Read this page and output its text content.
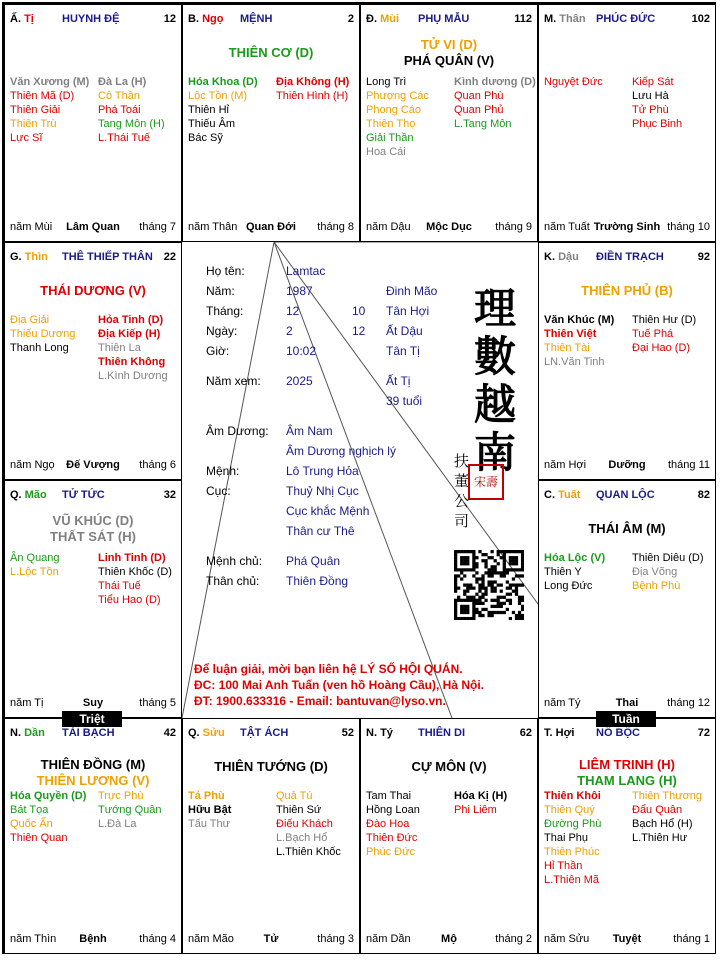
Ấ. Tị	HUYNH ĐỆ	12
Văn Xương (M)
Thiên Mã (D)
Thiên Giải
Thiên Trù
Lực Sĩ
Đà La (H)
Cô Thần
Phá Toái
Tang Môn (H)
L.Thái Tuế
năm Mùi	Lâm Quan	tháng 7
B. Ngọ MỆNH	2
THIÊN CƠ (D)
Hóa Khoa (D)
Lộc Tồn (M)
Thiên Hỉ
Thiếu Âm
Bác Sỹ
Địa Không (H)
Thiên Hình (H)
năm Thân Quan Đới	tháng 8
Đ. Mùi PHỤ MẪU	112
TỬ VI (D)
PHÁ QUÂN (V)
Long Trì
Phượng Các
Phong Cáo
Thiên Thọ
Giải Thần
Hoa Cái
Kình dương (D)
Quan Phù
Quan Phủ
L.Tang Môn
năm Dậu	Mộc Dục	tháng 9
M. Thân PHÚC ĐỨC	102
Nguyệt Đức	Kiếp Sát
Lưu Hà
Tử Phù
Phục Binh
năm Tuất Trường Sinh tháng 10
G. Thìn THÊ THIẾP THÂN 22
THÁI DƯƠNG (V)
Địa Giải
Thiếu Dương
Thanh Long
Hỏa Tinh (D)
Địa Kiếp (H)
Thiên La
Thiên Không
L.Kình Dương
năm Ngọ	Đế Vượng	tháng 6
K. Dậu ĐIỀN TRẠCH	92
THIÊN PHỦ (B)
Văn Khúc (M)
Thiên Việt
Thiên Tài
LN.Văn Tinh
Thiên Hư (D)
Tuế Phá
Đại Hao (D)
năm Hợi	Dưỡng	tháng 11
Q. Mão TỬ TỨC	32
VŨ KHÚC (D)
THẤT SÁT (H)
Ân Quang
L.Lộc Tồn
Linh Tinh (D)
Thiên Khốc (D)
Thái Tuế
Tiểu Hao (D)
năm Tị	Suy	tháng 5
C. Tuất QUAN LỘC	82
THÁI ÂM (M)
Hóa Lộc (V)
Thiên Y
Long Đức
Thiên Diêu (D)
Địa Võng
Bệnh Phù
năm Tý	Thai	tháng 12
N. Dần TÀI BẠCH	42
THIÊN ĐỒNG (M)
THIÊN LƯƠNG (V)
Hóa Quyền (D)
Bát Tọa
Quốc Ấn
Thiên Quan
Trực Phù
Tướng Quân
L.Đà La
năm Thìn	Bệnh	tháng 4
Q. Sửu TẬT ÁCH	52
THIÊN TƯỚNG (D)
Tả Phù
Hữu Bật
Tấu Thư
Quả Tú
Thiên Sứ
Điếu Khách
L.Bạch Hổ
L.Thiên Khốc
năm Mão	Tử	tháng 3
N. Tý THIÊN DI	62
CỰ MÔN (V)
Tam Thai
Hồng Loan
Đào Hoa
Thiên Đức
Phúc Đức
Hóa Kị (H)
Phi Liêm
năm Dần	Mộ	tháng 2
T. Hợi NÔ BỘC	72
LIÊM TRINH (H)
THAM LANG (H)
Thiên Khôi
Thiên Quý
Đường Phù
Thai Phụ
Thiên Phúc
Hỉ Thần
L.Thiên Mã
Thiên Thương
Đẩu Quân
Bạch Hổ (H)
L.Thiên Hư
năm Sửu	Tuyệt	tháng 1
Họ tên:	Lamtac
Năm:	1987	Đinh Mão
Tháng:	12	10 Tân Hợi
Ngày:	2	12 Ất Dậu
Giờ:	10:02	Tân Tị
Năm xem: 2025	Ất Tị
39 tuổi
Âm Dương: Âm Nam
Âm Dương nghịch lý
Mệnh:	Lô Trung Hỏa
Cục:	Thuỷ Nhị Cục
Cục khắc Mệnh
Thân cư Thê
Mệnh chủ: Phá Quân
Thân chủ: Thiên Đồng
理
數
越
南
扶
董
公
司
宋壽
Để luận giải, mời bạn liên hệ LÝ SỐ HỘI QUÁN.
ĐC: 100 Mai Anh Tuấn (ven hồ Hoàng Cầu), Hà Nội.
ĐT: 1900.633316 - Email: bantuvan@lyso.vn.
Triệt	Tuần
